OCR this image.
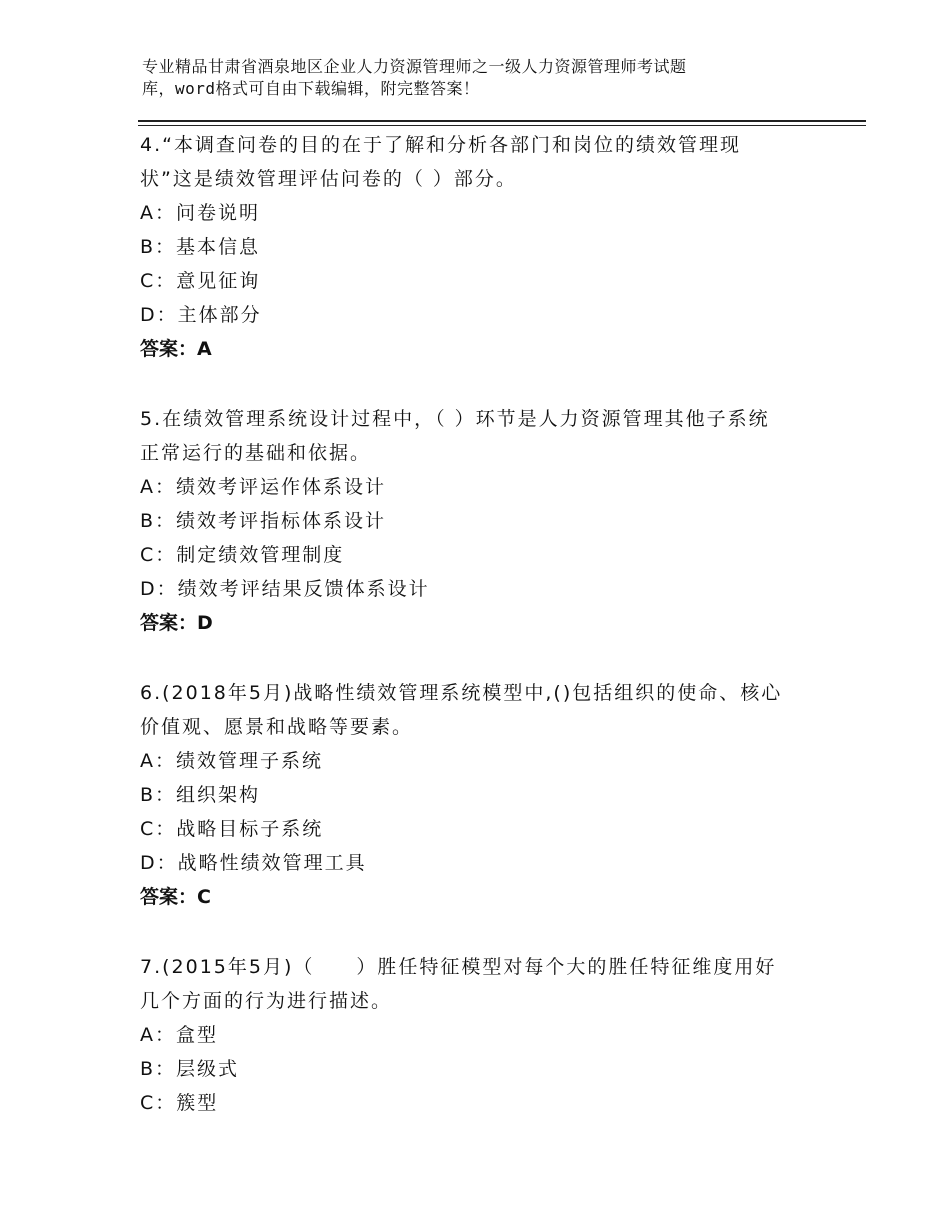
专业精品甘肃省酒泉地区企业人力资源管理师之一级人力资源管理师考试题
库，word格式可自由下载编辑，附完整答案！

4.“本调查问卷的目的在于了解和分析各部门和岗位的绩效管理现

状”这是绩效管理评估问卷的（ ）部分。

A：问卷说明

B：基本信息

C：意见征询

D：主体部分

答案：A

5.在绩效管理系统设计过程中，（ ）环节是人力资源管理其他子系统

正常运行的基础和依据。

A：绩效考评运作体系设计

B：绩效考评指标体系设计

C：制定绩效管理制度

D：绩效考评结果反馈体系设计

答案：D

6.(2018年5月)战略性绩效管理系统模型中,()包括组织的使命、核心

价值观、愿景和战略等要素。

A：绩效管理子系统

B：组织架构

C：战略目标子系统

D：战略性绩效管理工具

答案：C

7.(2015年5月)（　　）胜任特征模型对每个大的胜任特征维度用好

几个方面的行为进行描述。

A：盒型

B：层级式

C：簇型
